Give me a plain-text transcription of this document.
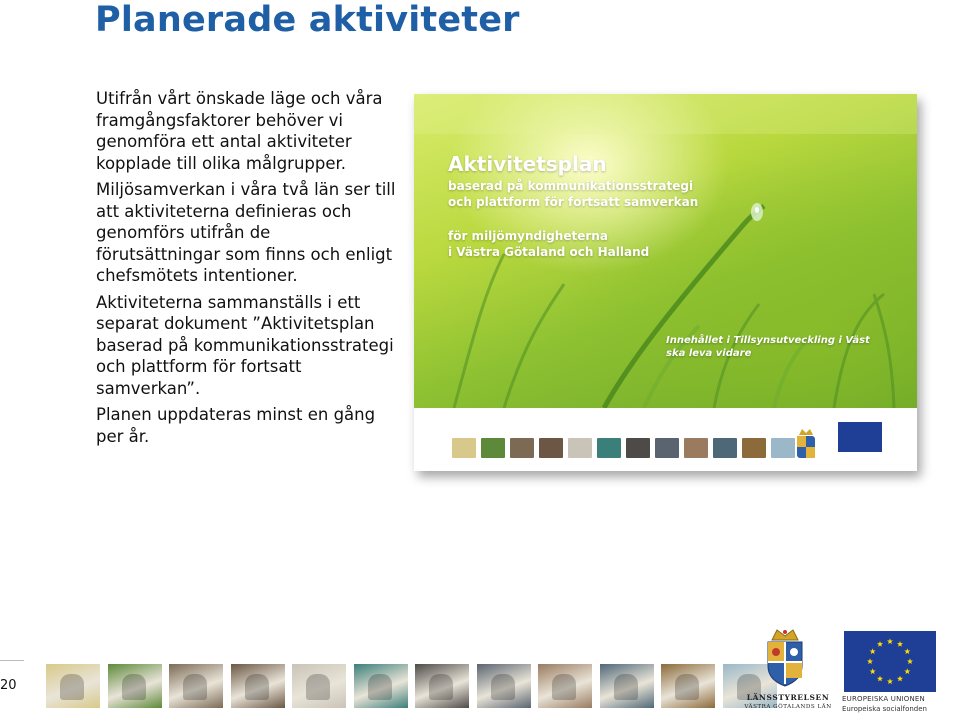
Planerade aktiviteter

Utifrån vårt önskade läge och våra framgångsfaktorer behöver vi genomföra ett antal aktiviteter kopplade till olika målgrupper.

Miljösamverkan i våra två län ser till att aktiviteterna definieras och genomförs utifrån de förutsättningar som finns och enligt chefsmötets intentioner.

Aktiviteterna sammanställs i ett separat dokument ”Aktivitetsplan baserad på kommunikationsstrategi och plattform för fortsatt samverkan”.

Planen uppdateras minst en gång per år.

Aktivitetsplan
baserad på kommunikationsstrategi
och plattform för fortsatt samverkan
för miljömyndigheterna
i Västra Götaland och Halland
Innehållet i Tillsynsutveckling i Väst
ska leva vidare
20
LÄNSSTYRELSEN
VÄSTRA GÖTALANDS LÄN
EUROPEISKA UNIONEN
Europeiska socialfonden
